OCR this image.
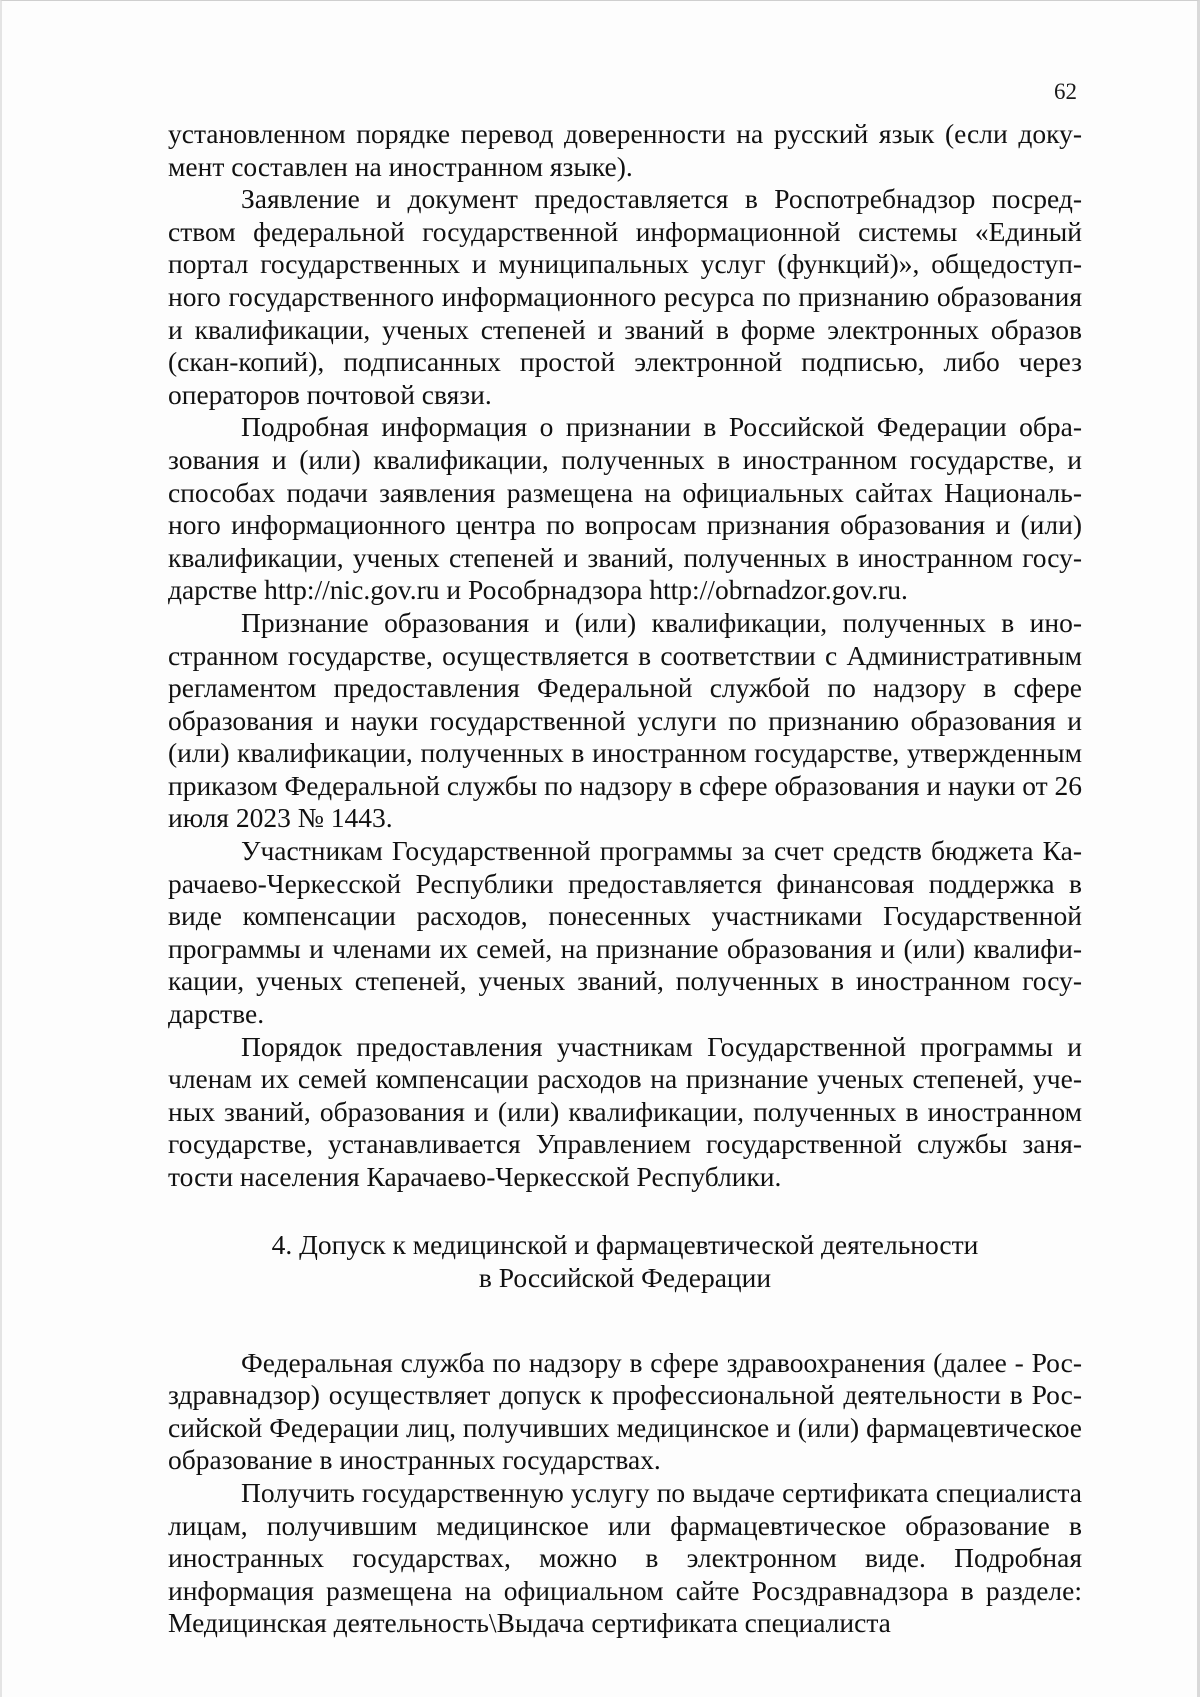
62

установленном порядке перевод доверенности на русский язык (если документ составлен на иностранном языке).

Заявление и документ предоставляется в Роспотребнадзор посредством федеральной государственной информационной системы «Единый портал государственных и муниципальных услуг (функций)», общедоступного государственного информационного ресурса по признанию образования и квалификации, ученых степеней и званий в форме электронных образов (скан-копий), подписанных простой электронной подписью, либо через операторов почтовой связи.

Подробная информация о признании в Российской Федерации образования и (или) квалификации, полученных в иностранном государстве, и способах подачи заявления размещена на официальных сайтах Национального информационного центра по вопросам признания образования и (или) квалификации, ученых степеней и званий, полученных в иностранном государстве http://nic.gov.ru и Рособрнадзора http://obrnadzor.gov.ru.

Признание образования и (или) квалификации, полученных в иностранном государстве, осуществляется в соответствии с Административным регламентом предоставления Федеральной службой по надзору в сфере образования и науки государственной услуги по признанию образования и (или) квалификации, полученных в иностранном государстве, утвержденным приказом Федеральной службы по надзору в сфере образования и науки от 26 июля 2023 № 1443.

Участникам Государственной программы за счет средств бюджета Карачаево-Черкесской Республики предоставляется финансовая поддержка в виде компенсации расходов, понесенных участниками Государственной программы и членами их семей, на признание образования и (или) квалификации, ученых степеней, ученых званий, полученных в иностранном государстве.

Порядок предоставления участникам Государственной программы и членам их семей компенсации расходов на признание ученых степеней, ученых званий, образования и (или) квалификации, полученных в иностранном государстве, устанавливается Управлением государственной службы занятости населения Карачаево-Черкесской Республики.

4. Допуск к медицинской и фармацевтической деятельности
в Российской Федерации

Федеральная служба по надзору в сфере здравоохранения (далее - Росздравнадзор) осуществляет допуск к профессиональной деятельности в Российской Федерации лиц, получивших медицинское и (или) фармацевтическое образование в иностранных государствах.

Получить государственную услугу по выдаче сертификата специалиста лицам, получившим медицинское или фармацевтическое образование в иностранных государствах, можно в электронном виде. Подробная информация размещена на официальном сайте Росздравнадзора в разделе: Медицинская деятельность\Выдача сертификата специалиста
